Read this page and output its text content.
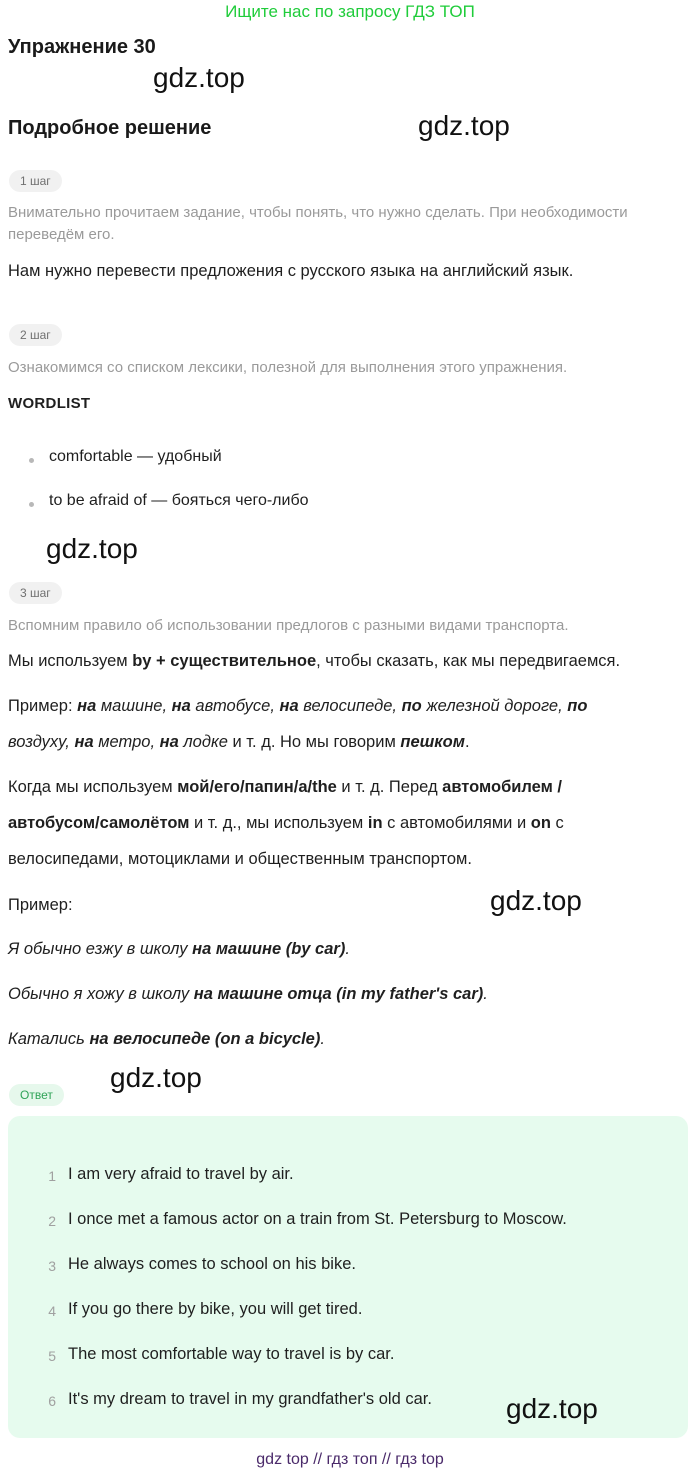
Ищите нас по запросу ГДЗ ТОП
Упражнение 30
gdz.top
Подробное решение	gdz.top
1 шаг
Внимательно прочитаем задание, чтобы понять, что нужно сделать. При необходимости переведём его.
Нам нужно перевести предложения с русского языка на английский язык.
2 шаг
Ознакомимся со списком лексики, полезной для выполнения этого упражнения.
WORDLIST
comfortable — удобный
to be afraid of — бояться чего-либо
gdz.top
3 шаг
Вспомним правило об использовании предлогов с разными видами транспорта.
Мы используем by + существительное, чтобы сказать, как мы передвигаемся.
Пример: на машине, на автобусе, на велосипеде, по железной дороге, по
воздуху, на метро, на лодке и т. д. Но мы говорим пешком.
Когда мы используем мой/его/папин/а/the и т. д. Перед автомобилем /
автобусом/самолётом и т. д., мы используем in с автомобилями и on с
велосипедами, мотоциклами и общественным транспортом.
Пример:	gdz.top
Я обычно езжу в школу на машине (by car).
Обычно я хожу в школу на машине отца (in my father's car).
Катались на велосипеде (on a bicycle).
Ответ
gdz.top
1 I am very afraid to travel by air.
2 I once met a famous actor on a train from St. Petersburg to Moscow.
3 He always comes to school on his bike.
4 If you go there by bike, you will get tired.
5 The most comfortable way to travel is by car.
6 It's my dream to travel in my grandfather's old car.	gdz.top
gdz top // гдз топ // гдз top
